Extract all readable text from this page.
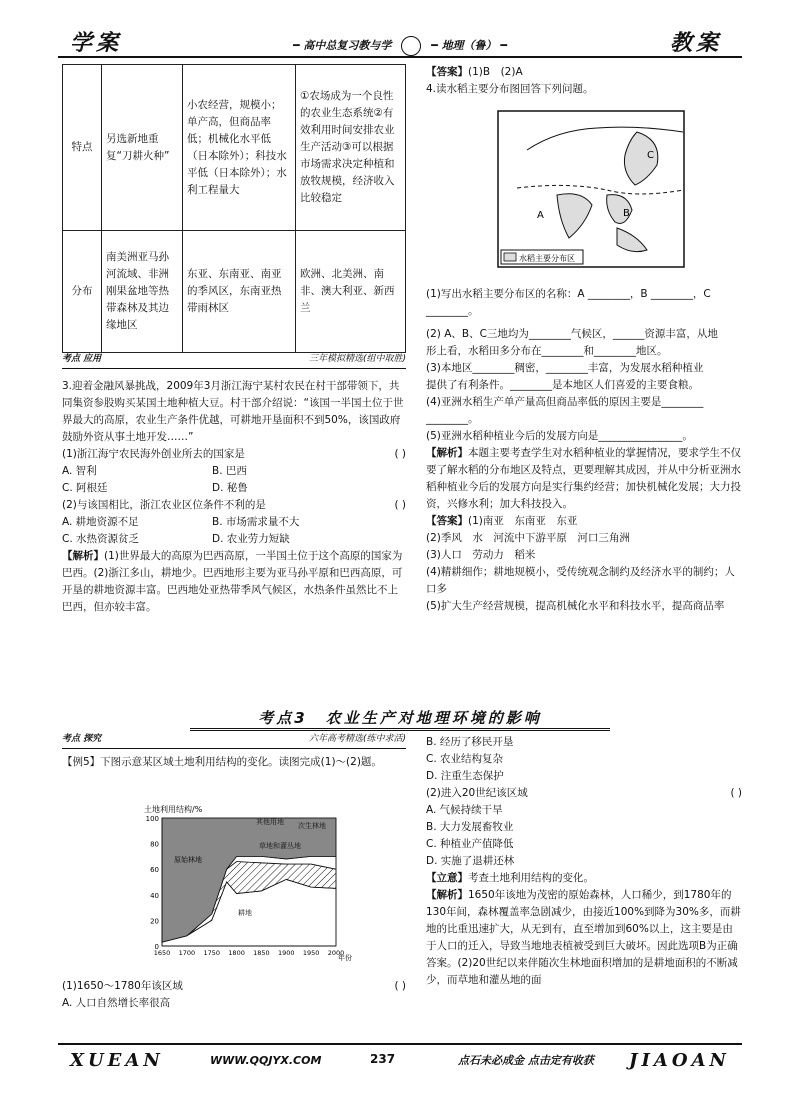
学案	━ 高中总复习教与学	━ 地理（鲁） ━	教案
特点	另选新地重复“刀耕火种”	小农经营，规模小；单产高，但商品率低；机械化水平低（日本除外）；科技水平低（日本除外）；水利工程量大	①农场成为一个良性的农业生态系统②有效利用时间安排农业生产活动③可以根据市场需求决定种植和放牧规模，经济收入比较稳定
分布	南美洲亚马孙河流域、非洲刚果盆地等热带森林及其边缘地区	东亚、东南亚、南亚的季风区，东南亚热带雨林区	欧洲、北美洲、南非、澳大利亚、新西兰
考点 应用	三年模拟精选(组中取胜)
3.迎着金融风暴挑战，2009年3月浙江海宁某村农民在村干部带领下，共同集资参股购买某国土地种植大豆。村干部介绍说：“该国一半国土位于世界最大的高原，农业生产条件优越，可耕地开垦面积不到50%，该国政府鼓励外资从事土地开发……”
( )
(1)浙江海宁农民海外创业所去的国家是
A. 智利	B. 巴西
C. 阿根廷	D. 秘鲁
( )
(2)与该国相比，浙江农业区位条件不利的是
A. 耕地资源不足	B. 市场需求量不大
C. 水热资源贫乏	D. 农业劳力短缺
【解析】(1)世界最大的高原为巴西高原，一半国土位于这个高原的国家为巴西。(2)浙江多山，耕地少。巴西地形主要为亚马孙平原和巴西高原，可开垦的耕地资源丰富。巴西地处亚热带季风气候区，水热条件虽然比不上巴西，但亦较丰富。
【答案】(1)B　(2)A
4.读水稻主要分布图回答下列问题。
A	B
C
水稻主要分布区
(1)写出水稻主要分布区的名称：A ________，B ________，C ________。
(2) A、B、C三地均为________气候区，______资源丰富，从地
形上看，水稻田多分布在________和________地区。
(3)本地区________稠密，________丰富，为发展水稻种植业
提供了有利条件。________是本地区人们喜爱的主要食粮。
(4)亚洲水稻生产单产量高但商品率低的原因主要是________
________。
(5)亚洲水稻种植业今后的发展方向是________________。
【解析】本题主要考查学生对水稻种植业的掌握情况，要求学生不仅要了解水稻的分布地区及特点，更要理解其成因，并从中分析亚洲水稻种植业今后的发展方向是实行集约经营；加快机械化发展；大力投资，兴修水利；加大科技投入。
【答案】(1)南亚　东南亚　东亚
(2)季风　水　河流中下游平原　河口三角洲
(3)人口　劳动力　稻米
(4)精耕细作；耕地规模小，受传统观念制约及经济水平的制约；人口多
(5)扩大生产经营规模，提高机械化水平和科技水平，提高商品率
考点3　农业生产对地理环境的影响
考点 探究	六年高考精选(练中求活)
【例5】下图示意某区域土地利用结构的变化。读图完成(1)～(2)题。
土地利用结构/%
0
20
40
60
80
100
1650 1700 1750 1800 1850 1900 1950 2000
其他用地 次生林地
草地和灌丛地
原始林地
耕地
年份
( )
(1)1650～1780年该区域
A. 人口自然增长率很高
B. 经历了移民开垦
C. 农业结构复杂
D. 注重生态保护
( )
(2)进入20世纪该区域
A. 气候持续干旱
B. 大力发展畜牧业
C. 种植业产值降低
D. 实施了退耕还林
【立意】考查土地利用结构的变化。
【解析】1650年该地为茂密的原始森林，人口稀少，到1780年的130年间，森林覆盖率急剧减少，由接近100%到降为30%多，而耕地的比重迅速扩大，从无到有，直至增加到60%以上，这主要是由于人口的迁入，导致当地地表植被受到巨大破坏。因此选项B为正确答案。(2)20世纪以来伴随次生林地面积增加的是耕地面积的不断减少，而草地和灌丛地的面
XUEAN	WWW.QQJYX.COM	237	点石未必成金 点击定有收获 JIAOAN
